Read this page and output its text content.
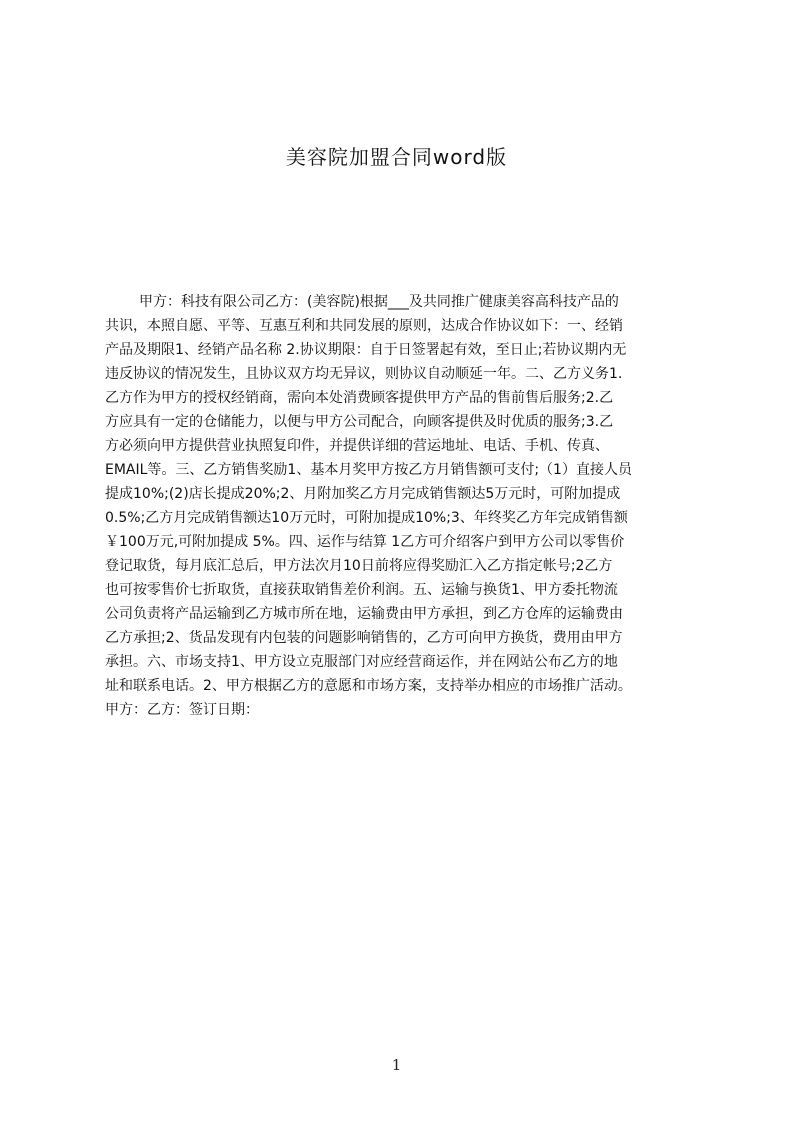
美容院加盟合同word版
甲方：科技有限公司乙方：(美容院)根据___及共同推广健康美容高科技产品的
共识，本照自愿、平等、互惠互利和共同发展的原则，达成合作协议如下：一、经销
产品及期限1、经销产品名称 2.协议期限：自于日签署起有效，至日止;若协议期内无
违反协议的情况发生，且协议双方均无异议，则协议自动顺延一年。二、乙方义务1.
乙方作为甲方的授权经销商，需向本处消费顾客提供甲方产品的售前售后服务;2.乙
方应具有一定的仓储能力，以便与甲方公司配合，向顾客提供及时优质的服务;3.乙
方必须向甲方提供营业执照复印件，并提供详细的营运地址、电话、手机、传真、
EMAIL等。三、乙方销售奖励1、基本月奖甲方按乙方月销售额可支付;（1）直接人员
提成10%;(2)店长提成20%;2、月附加奖乙方月完成销售额达5万元时，可附加提成
0.5%;乙方月完成销售额达10万元时，可附加提成10%;3、年终奖乙方年完成销售额
￥100万元,可附加提成 5%。四、运作与结算 1乙方可介绍客户到甲方公司以零售价
登记取货，每月底汇总后，甲方法次月10日前将应得奖励汇入乙方指定帐号;2乙方
也可按零售价七折取货，直接获取销售差价利润。五、运输与换货1、甲方委托物流
公司负责将产品运输到乙方城市所在地，运输费由甲方承担，到乙方仓库的运输费由
乙方承担;2、货品发现有内包装的问题影响销售的，乙方可向甲方换货，费用由甲方
承担。六、市场支持1、甲方设立克服部门对应经营商运作，并在网站公布乙方的地
址和联系电话。2、甲方根据乙方的意愿和市场方案，支持举办相应的市场推广活动。
甲方：乙方：签订日期：
1
